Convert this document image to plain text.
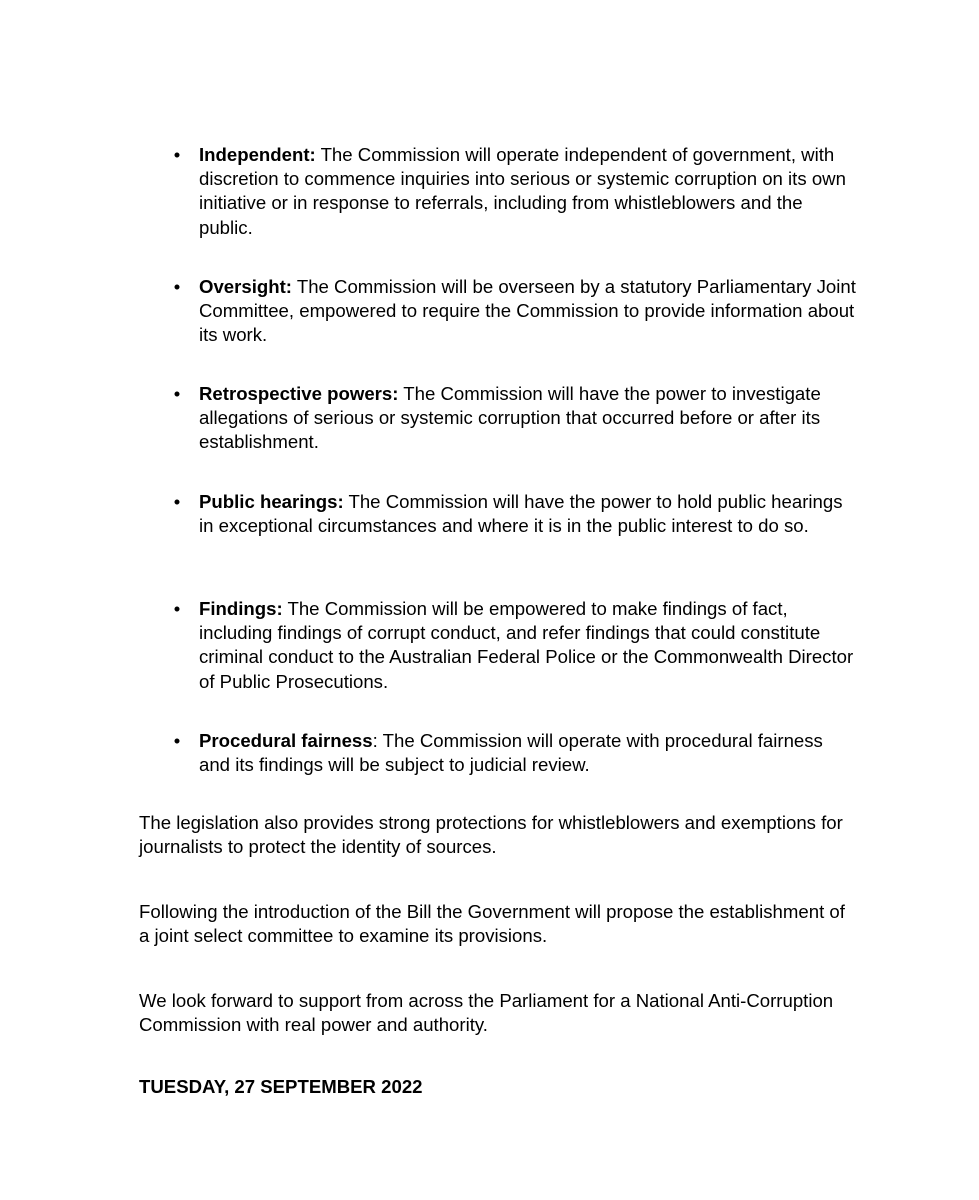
• Independent: The Commission will operate independent of government, with discretion to commence inquiries into serious or systemic corruption on its own initiative or in response to referrals, including from whistleblowers and the public.
• Oversight: The Commission will be overseen by a statutory Parliamentary Joint Committee, empowered to require the Commission to provide information about its work.
• Retrospective powers: The Commission will have the power to investigate allegations of serious or systemic corruption that occurred before or after its establishment.
• Public hearings: The Commission will have the power to hold public hearings in exceptional circumstances and where it is in the public interest to do so.
• Findings: The Commission will be empowered to make findings of fact, including findings of corrupt conduct, and refer findings that could constitute criminal conduct to the Australian Federal Police or the Commonwealth Director of Public Prosecutions.
• Procedural fairness: The Commission will operate with procedural fairness and its findings will be subject to judicial review.

The legislation also provides strong protections for whistleblowers and exemptions for journalists to protect the identity of sources.

Following the introduction of the Bill the Government will propose the establishment of a joint select committee to examine its provisions.

We look forward to support from across the Parliament for a National Anti-Corruption Commission with real power and authority.

TUESDAY, 27 SEPTEMBER 2022
